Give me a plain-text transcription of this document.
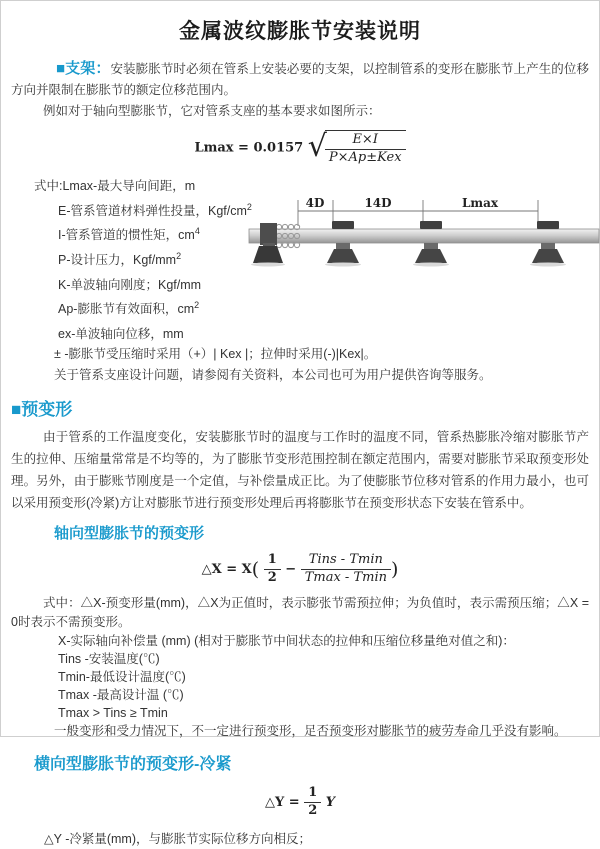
金属波纹膨胀节安装说明

■支架：安装膨胀节时必须在管系上安装必要的支架，以控制管系的变形在膨胀节上产生的位移方向并限制在膨胀节的额定位移范围内。

例如对于轴向型膨胀节，它对管系支座的基本要求如图所示：

Lmax = 0.0157 √
$\frac{E\times I}{\text{P×Ap±Kex}}$
式中:Lmax-最大导向间距，m
E-管系管道材料弹性投量，Kgf/$cm^2$
I-管系管道的惯性矩，$cm^4$
P-设计压力，Kgf/$mm^2$
K-单波轴向刚度；Kgf/mm
Ap-膨胀节有效面积，$cm^2$
ex-单波轴向位移，mm
± -膨胀节受压缩时采用（+）| Kex |；拉伸时采用(-)|Kex|。
关于管系支座设计问题，请参阅有关资料，本公司也可为用户提供咨询等服务。
4D	14D	Lmax
■预变形

由于管系的工作温度变化，安装膨胀节时的温度与工作时的温度不同，管系热膨胀冷缩对膨胀节产生的拉伸、压缩量常常是不均等的，为了膨胀节变形范围控制在额定范围内，需要对膨胀节采取预变形处理。另外，由于膨账节刚度是一个定值，与补偿量成正比。为了使膨胀节位移对管系的作用力最小，也可以采用预变形(冷紧)方让对膨胀节进行预变形处理后再将膨胀节在预变形状态下安装在管系中。

轴向型膨胀节的预变形
△X = $X( \frac{1}{2} - \frac{\text{Tins - Tmin}}{Tmax - Tmin}$ )

式中：△X-预变形量(mm)，△X为正值时，表示膨张节需预拉伸；为负值时，表示需预压缩；△X = 0时表示不需预变形。

X-实际轴向补偿量 (mm) (相对于膨胀节中间状态的拉伸和压缩位移量绝对值之和)：
Tins -安装温度(℃)
Tmin-最低设计温度(℃)
Tmax -最高设计温 (℃)
Tmax > Tins ≥ Tmin
一般变形和受力情况下，不一定进行预变形，足否预变形对膨胀节的疲劳寿命几乎没有影响。
横向型膨胀节的预变形-冷紧
△Y = $\frac{1}{2}$ Y
△Y -冷紧量(mm)，与膨胀节实际位移方向相反；
